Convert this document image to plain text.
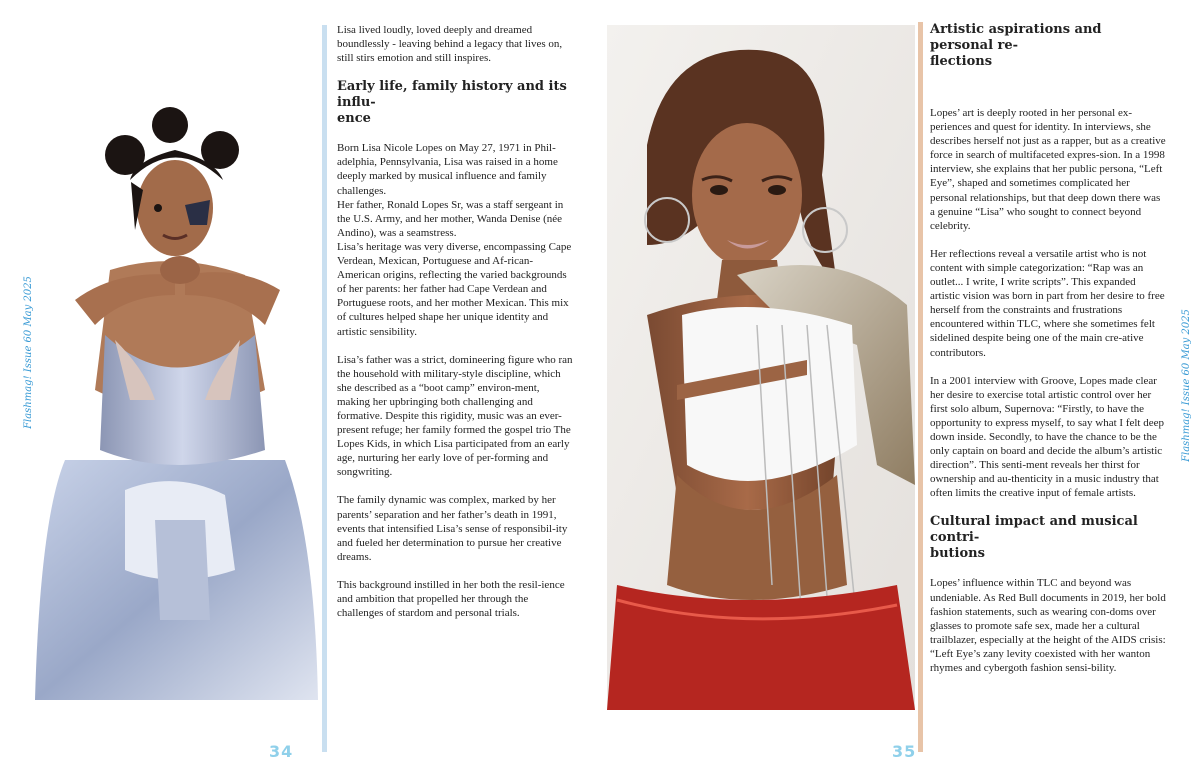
Flashmag! Issue 60 May 2025	Flashmag! Issue 60 May 2025

Lisa lived loudly, loved deeply and dreamed boundlessly - leaving behind a legacy that lives on, still stirs emotion and still inspires.

Early life, family history and its influ-
ence

Born Lisa Nicole Lopes on May 27, 1971 in Phil-adelphia, Pennsylvania, Lisa was raised in a home deeply marked by musical influence and family challenges.
Her father, Ronald Lopes Sr, was a staff sergeant in the U.S. Army, and her mother, Wanda Denise (née Andino), was a seamstress.
Lisa’s heritage was very diverse, encompassing Cape Verdean, Mexican, Portuguese and Af-rican-American origins, reflecting the varied backgrounds of her parents: her father had Cape Verdean and Portuguese roots, and her mother Mexican. This mix of cultures helped shape her unique identity and artistic sensibility.

Lisa’s father was a strict, domineering figure who ran the household with military-style discipline, which she described as a “boot camp” environ-ment, making her upbringing both challenging and formative. Despite this rigidity, music was an ever-present refuge; her family formed the gospel trio The Lopes Kids, in which Lisa participated from an early age, nurturing her early love of per-forming and songwriting.

The family dynamic was complex, marked by her parents’ separation and her father’s death in 1991, events that intensified Lisa’s sense of responsibil-ity and fueled her determination to pursue her creative dreams.

This background instilled in her both the resil-ience and ambition that propelled her through the challenges of stardom and personal trials.

Artistic aspirations and personal re-
flections

Lopes’ art is deeply rooted in her personal ex-periences and quest for identity. In interviews, she describes herself not just as a rapper, but as a creative force in search of multifaceted expres-sion. In a 1998 interview, she explains that her public persona, “Left Eye”, shaped and sometimes complicated her personal relationships, but that deep down there was a genuine “Lisa” who sought to connect beyond celebrity.

Her reflections reveal a versatile artist who is not content with simple categorization: “Rap was an outlet... I write, I write scripts”. This expanded artistic vision was born in part from her desire to free herself from the constraints and frustrations encountered within TLC, where she sometimes felt sidelined despite being one of the main cre-ative contributors.

In a 2001 interview with Groove, Lopes made clear her desire to exercise total artistic control over her first solo album, Supernova: “Firstly, to have the opportunity to express myself, to say what I felt deep down inside. Secondly, to have the chance to be the only captain on board and decide the album’s artistic direction”. This senti-ment reveals her thirst for ownership and au-thenticity in a music industry that often limits the creative input of female artists.

Cultural impact and musical contri-
butions

Lopes’ influence within TLC and beyond was undeniable. As Red Bull documents in 2019, her bold fashion statements, such as wearing con-doms over glasses to promote safe sex, made her a cultural trailblazer, especially at the height of the AIDS crisis: “Left Eye’s zany levity coexisted with her wanton rhymes and cybergoth fashion sensi-bility.

34	35
